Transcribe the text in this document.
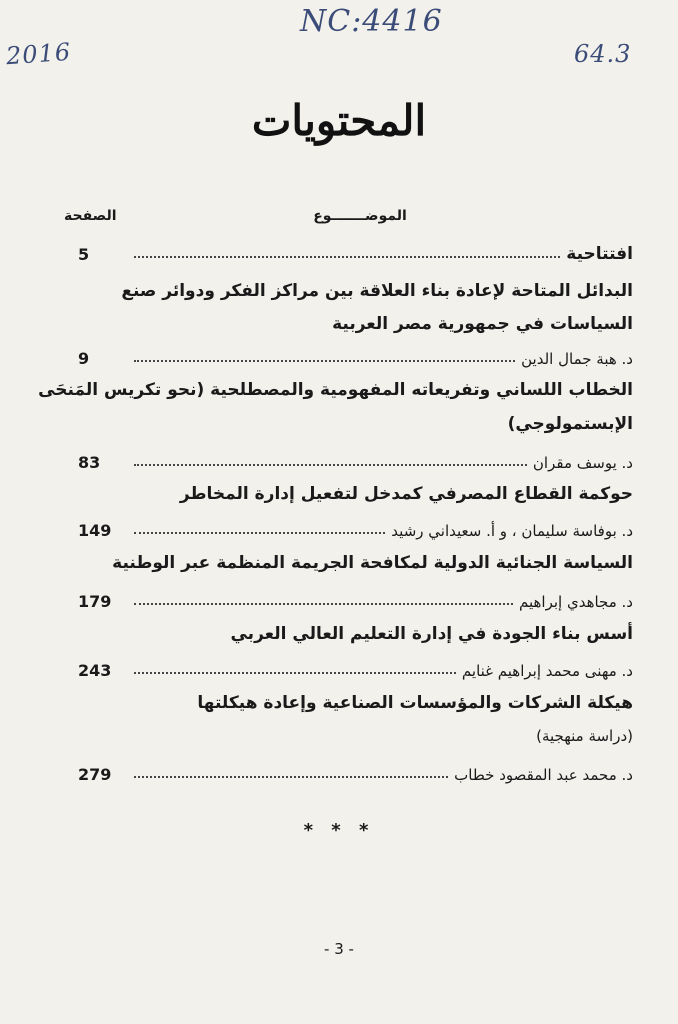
NC:4416
2016	64.3
المحتويات
الصفحة	الموضـــــــوع
افتتاحية
5
البدائل المتاحة لإعادة بناء العلاقة بين مراكز الفكر ودوائر صنع
السياسات في جمهورية مصر العربية
د. هبة جمال الدين
9
الخطاب اللساني وتفريعاته المفهومية والمصطلحية (نحو تكريس المَنحَى
الإبستمولوجي)
د. يوسف مقران
83
حوكمة القطاع المصرفي كمدخل لتفعيل إدارة المخاطر
د. بوفاسة سليمان ، و أ. سعيداني رشيد
149
السياسة الجنائية الدولية لمكافحة الجريمة المنظمة عبر الوطنية
د. مجاهدي إبراهيم
179
أسس بناء الجودة في إدارة التعليم العالي العربي
د. مهنى محمد إبراهيم غنايم
243
هيكلة الشركات والمؤسسات الصناعية وإعادة هيكلتها
(دراسة منهجية)
د. محمد عبد المقصود خطاب
279
* * *
- 3 -
